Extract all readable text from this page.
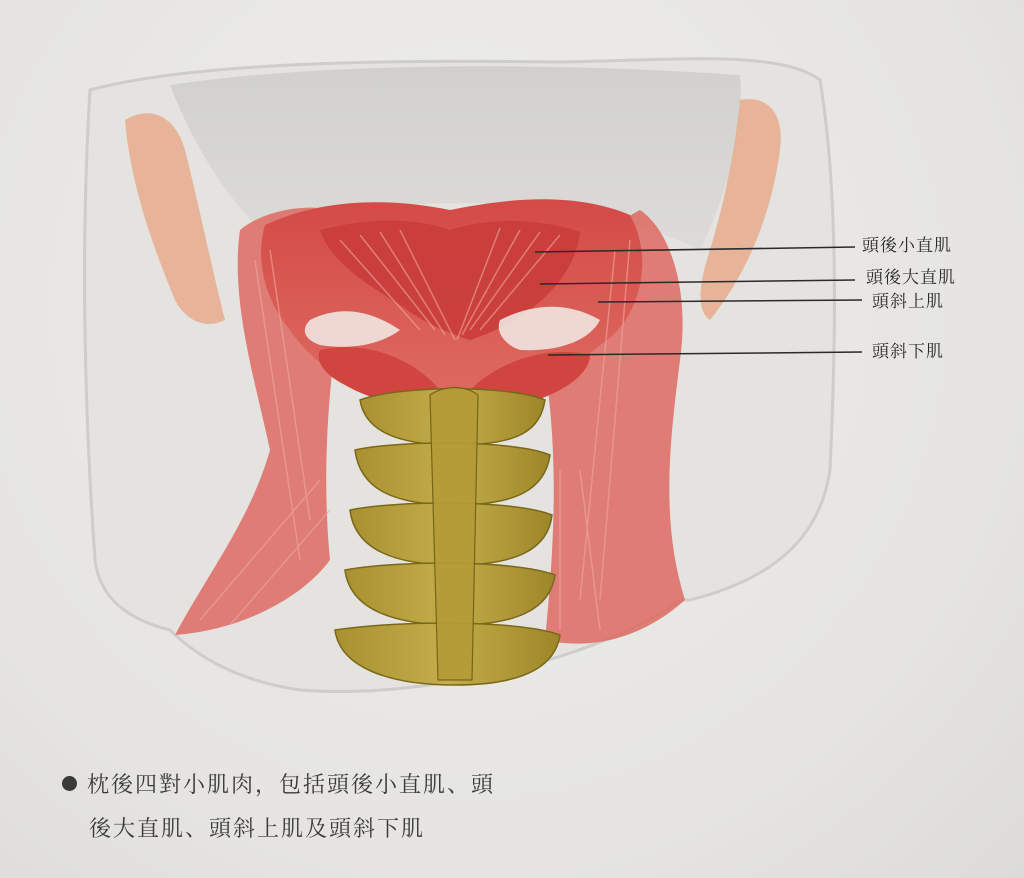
頭後小直肌
頭後大直肌
頭斜上肌
頭斜下肌
枕後四對小肌肉，包括頭後小直肌、頭
後大直肌、頭斜上肌及頭斜下肌
